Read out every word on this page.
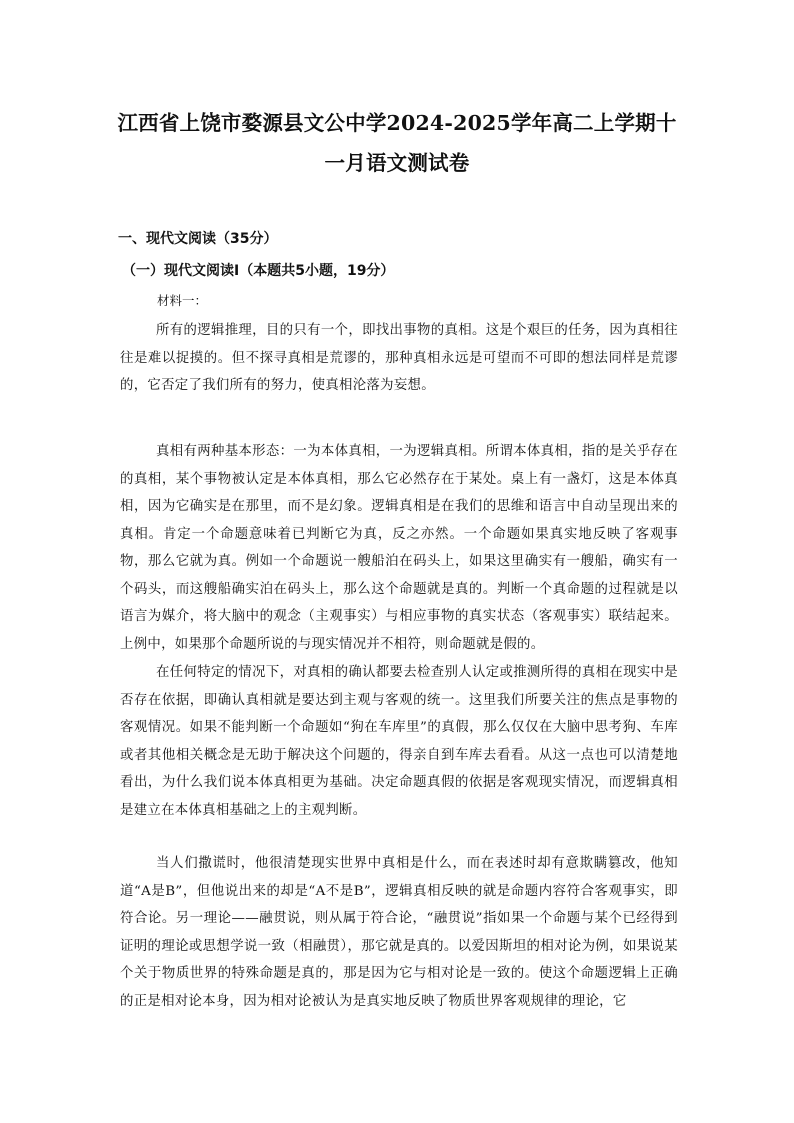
江西省上饶市婺源县文公中学2024-2025学年高二上学期十
一月语文测试卷
一、现代文阅读（35分）
（一）现代文阅读Ⅰ（本题共5小题，19分）
材料一：

所有的逻辑推理，目的只有一个，即找出事物的真相。这是个艰巨的任务，因为真相往往是难以捉摸的。但不探寻真相是荒谬的，那种真相永远是可望而不可即的想法同样是荒谬的，它否定了我们所有的努力，使真相沦落为妄想。

真相有两种基本形态：一为本体真相，一为逻辑真相。所谓本体真相，指的是关乎存在的真相，某个事物被认定是本体真相，那么它必然存在于某处。桌上有一盏灯，这是本体真相，因为它确实是在那里，而不是幻象。逻辑真相是在我们的思维和语言中自动呈现出来的真相。肯定一个命题意味着已判断它为真，反之亦然。一个命题如果真实地反映了客观事物，那么它就为真。例如一个命题说一艘船泊在码头上，如果这里确实有一艘船，确实有一个码头，而这艘船确实泊在码头上，那么这个命题就是真的。判断一个真命题的过程就是以语言为媒介，将大脑中的观念（主观事实）与相应事物的真实状态（客观事实）联结起来。上例中，如果那个命题所说的与现实情况并不相符，则命题就是假的。

在任何特定的情况下，对真相的确认都要去检查别人认定或推测所得的真相在现实中是否存在依据，即确认真相就是要达到主观与客观的统一。这里我们所要关注的焦点是事物的客观情况。如果不能判断一个命题如“狗在车库里”的真假，那么仅仅在大脑中思考狗、车库或者其他相关概念是无助于解决这个问题的，得亲自到车库去看看。从这一点也可以清楚地看出，为什么我们说本体真相更为基础。决定命题真假的依据是客观现实情况，而逻辑真相是建立在本体真相基础之上的主观判断。

当人们撒谎时，他很清楚现实世界中真相是什么，而在表述时却有意欺瞒篡改，他知道“A是B”，但他说出来的却是“A不是B”，逻辑真相反映的就是命题内容符合客观事实，即符合论。另一理论——融贯说，则从属于符合论，“融贯说”指如果一个命题与某个已经得到证明的理论或思想学说一致（相融贯），那它就是真的。以爱因斯坦的相对论为例，如果说某个关于物质世界的特殊命题是真的，那是因为它与相对论是一致的。使这个命题逻辑上正确的正是相对论本身，因为相对论被认为是真实地反映了物质世界客观规律的理论，它
